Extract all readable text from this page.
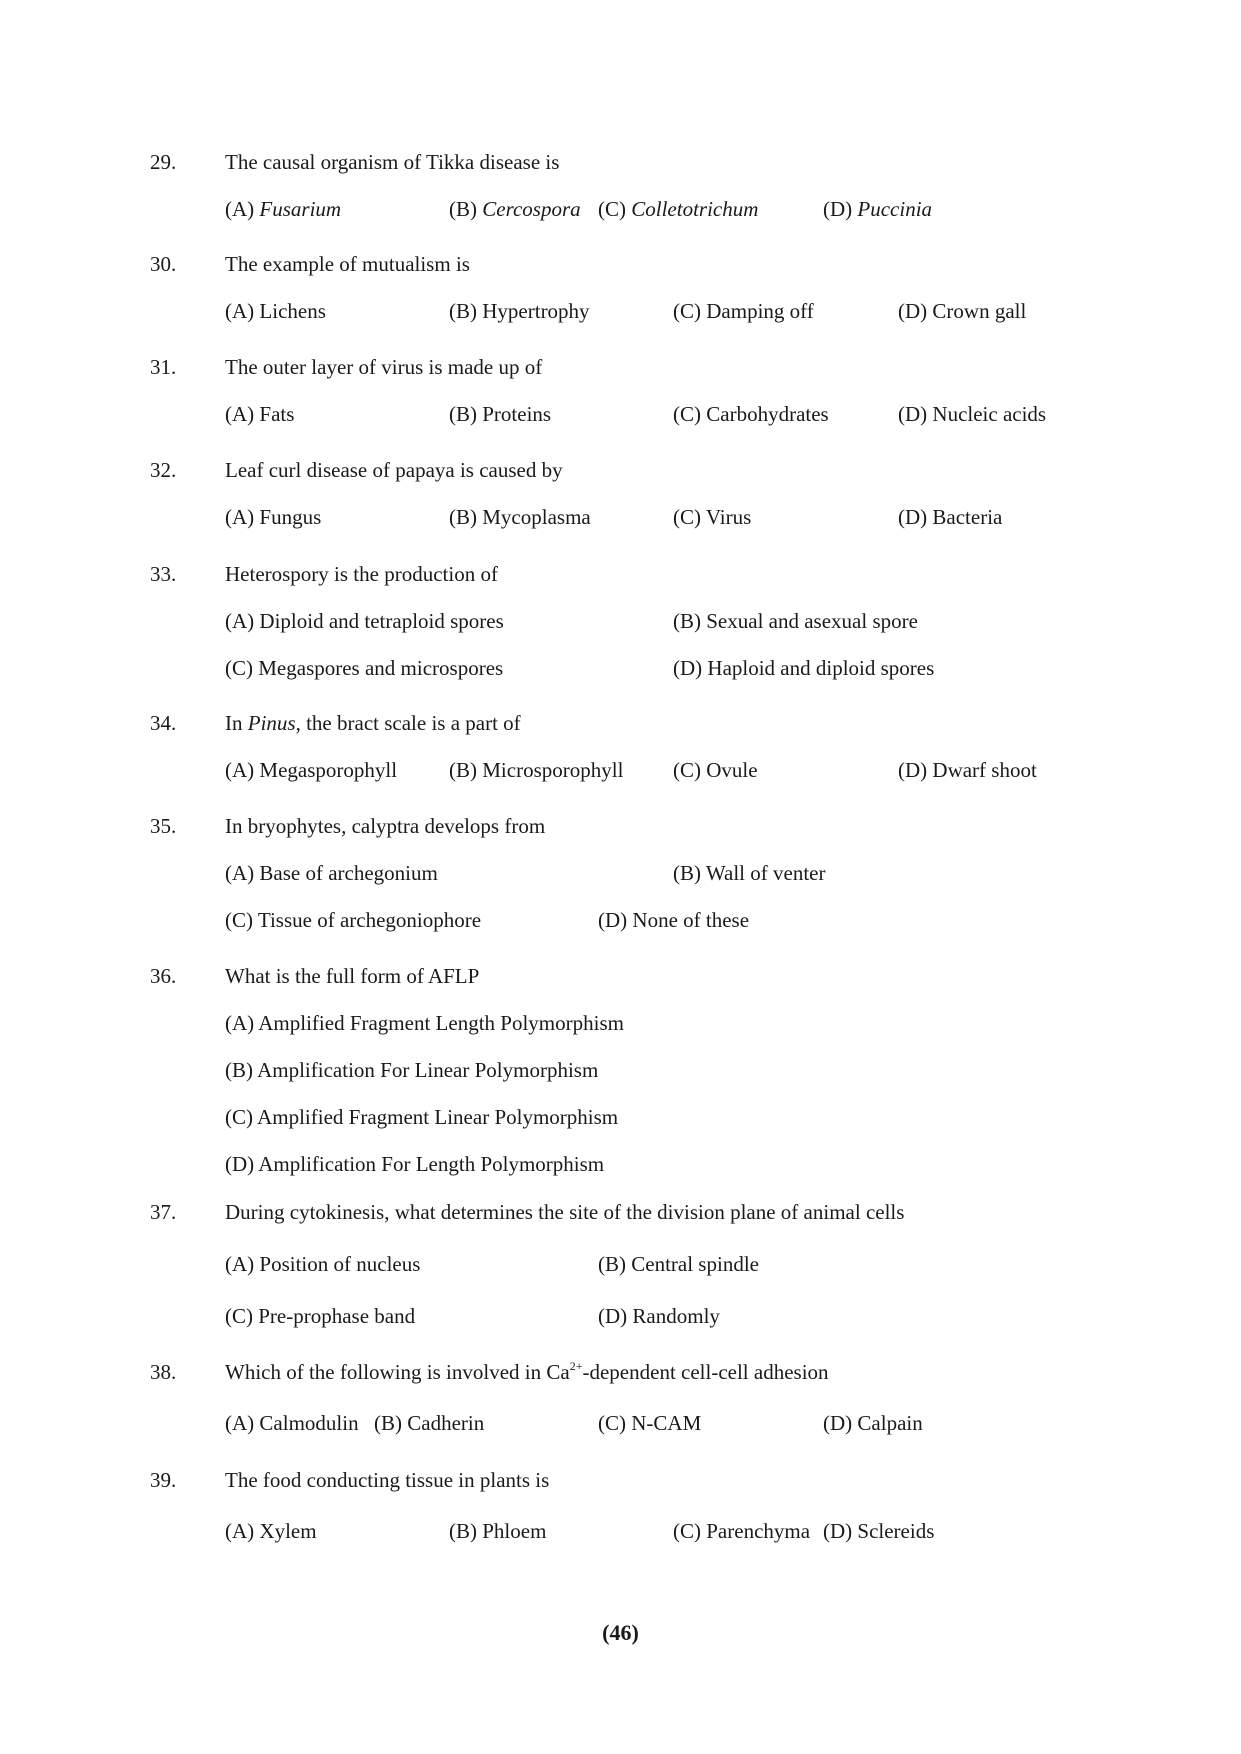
29. The causal organism of Tikka disease is
(A) Fusarium	(B) Cercospora (C) Colletotrichum	(D) Puccinia
30. The example of mutualism is
(A) Lichens	(B) Hypertrophy	(C) Damping off	(D) Crown gall
31. The outer layer of virus is made up of
(A) Fats	(B) Proteins	(C) Carbohydrates	(D) Nucleic acids
32. Leaf curl disease of papaya is caused by
(A) Fungus	(B) Mycoplasma	(C) Virus	(D) Bacteria
33. Heterospory is the production of
(A) Diploid and tetraploid spores	(B) Sexual and asexual spore
(C) Megaspores and microspores	(D) Haploid and diploid spores
34. In Pinus, the bract scale is a part of
(A) Megasporophyll (B) Microsporophyll (C) Ovule	(D) Dwarf shoot
35. In bryophytes, calyptra develops from
(A) Base of archegonium	(B) Wall of venter
(C) Tissue of archegoniophore	(D) None of these
36. What is the full form of AFLP
(A) Amplified Fragment Length Polymorphism
(B) Amplification For Linear Polymorphism
(C) Amplified Fragment Linear Polymorphism
(D) Amplification For Length Polymorphism
37. During cytokinesis, what determines the site of the division plane of animal cells
(A) Position of nucleus	(B) Central spindle
(C) Pre-prophase band	(D) Randomly
38. Which of the following is involved in $Ca^{2+}$-dependent cell-cell adhesion
(A) Calmodulin (B) Cadherin	(C) N-CAM	(D) Calpain
39. The food conducting tissue in plants is
(A) Xylem	(B) Phloem	(C) Parenchyma (D) Sclereids
(46)
